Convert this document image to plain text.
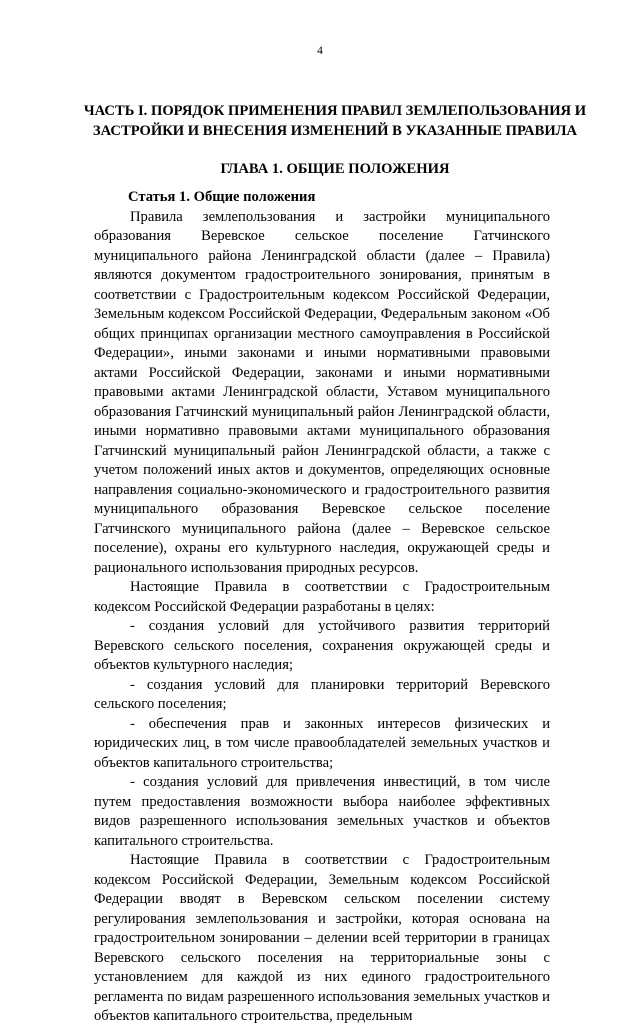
4
ЧАСТЬ I. ПОРЯДОК ПРИМЕНЕНИЯ ПРАВИЛ ЗЕМЛЕПОЛЬЗОВАНИЯ И ЗАСТРОЙКИ И ВНЕСЕНИЯ ИЗМЕНЕНИЙ В УКАЗАННЫЕ ПРАВИЛА
ГЛАВА 1. ОБЩИЕ ПОЛОЖЕНИЯ
Статья 1. Общие положения

Правила землепользования и застройки муниципального образования Веревское сельское поселение Гатчинского муниципального района Ленинградской области (далее – Правила) являются документом градостроительного зонирования, принятым в соответствии с Градостроительным кодексом Российской Федерации, Земельным кодексом Российской Федерации, Федеральным законом «Об общих принципах организации местного самоуправления в Российской Федерации», иными законами и иными нормативными правовыми актами Российской Федерации, законами и иными нормативными правовыми актами Ленинградской области, Уставом муниципального образования Гатчинский муниципальный район Ленинградской области, иными нормативно правовыми актами муниципального образования Гатчинский муниципальный район Ленинградской области, а также с учетом положений иных актов и документов, определяющих основные направления социально-экономического и градостроительного развития муниципального образования Веревское сельское поселение Гатчинского муниципального района (далее – Веревское сельское поселение), охраны его культурного наследия, окружающей среды и рационального использования природных ресурсов.

Настоящие Правила в соответствии с Градостроительным кодексом Российской Федерации разработаны в целях:

- создания условий для устойчивого развития территорий Веревского сельского поселения, сохранения окружающей среды и объектов культурного наследия;

- создания условий для планировки территорий Веревского сельского поселения;

- обеспечения прав и законных интересов физических и юридических лиц, в том числе правообладателей земельных участков и объектов капитального строительства;

- создания условий для привлечения инвестиций, в том числе путем предоставления возможности выбора наиболее эффективных видов разрешенного использования земельных участков и объектов капитального строительства.

Настоящие Правила в соответствии с Градостроительным кодексом Российской Федерации, Земельным кодексом Российской Федерации вводят в Веревском сельском поселении систему регулирования землепользования и застройки, которая основана на градостроительном зонировании – делении всей территории в границах Веревского сельского поселения на территориальные зоны с установлением для каждой из них единого градостроительного регламента по видам разрешенного использования земельных участков и объектов капитального строительства, предельным
